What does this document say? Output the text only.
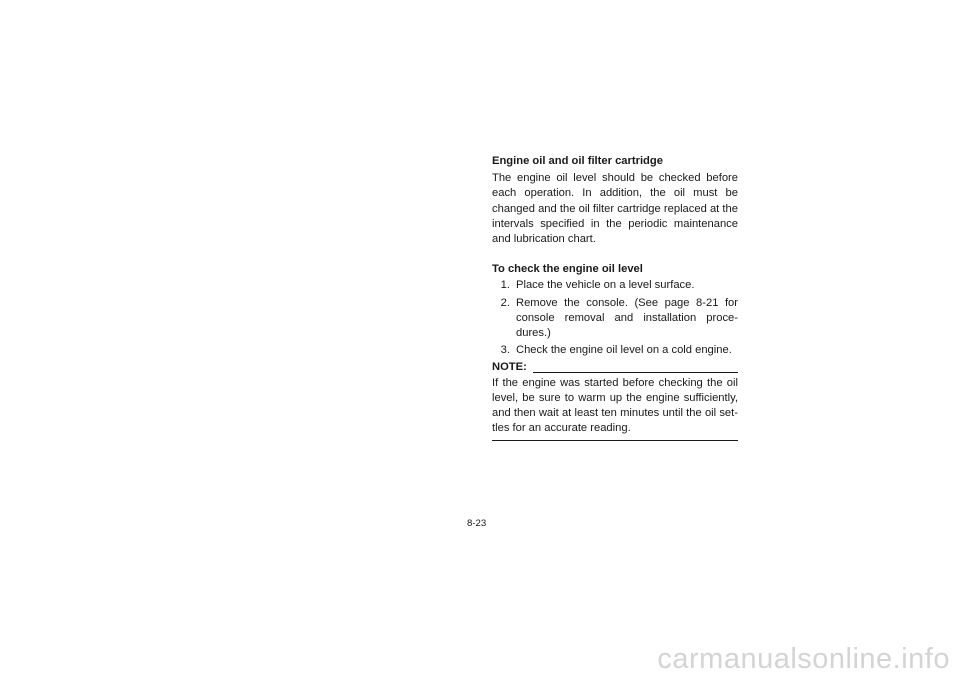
Engine oil and oil filter cartridge

The engine oil level should be checked before each operation. In addition, the oil must be changed and the oil filter cartridge replaced at the intervals specified in the periodic maintenance and lubrication chart.

To check the engine oil level

1. Place the vehicle on a level surface.
2. Remove the console. (See page 8-21 for console removal and installation proce-dures.)
3. Check the engine oil level on a cold engine.
NOTE:

If the engine was started before checking the oil level, be sure to warm up the engine sufficiently, and then wait at least ten minutes until the oil set-tles for an accurate reading.

8-23
carmanualsonline.info
